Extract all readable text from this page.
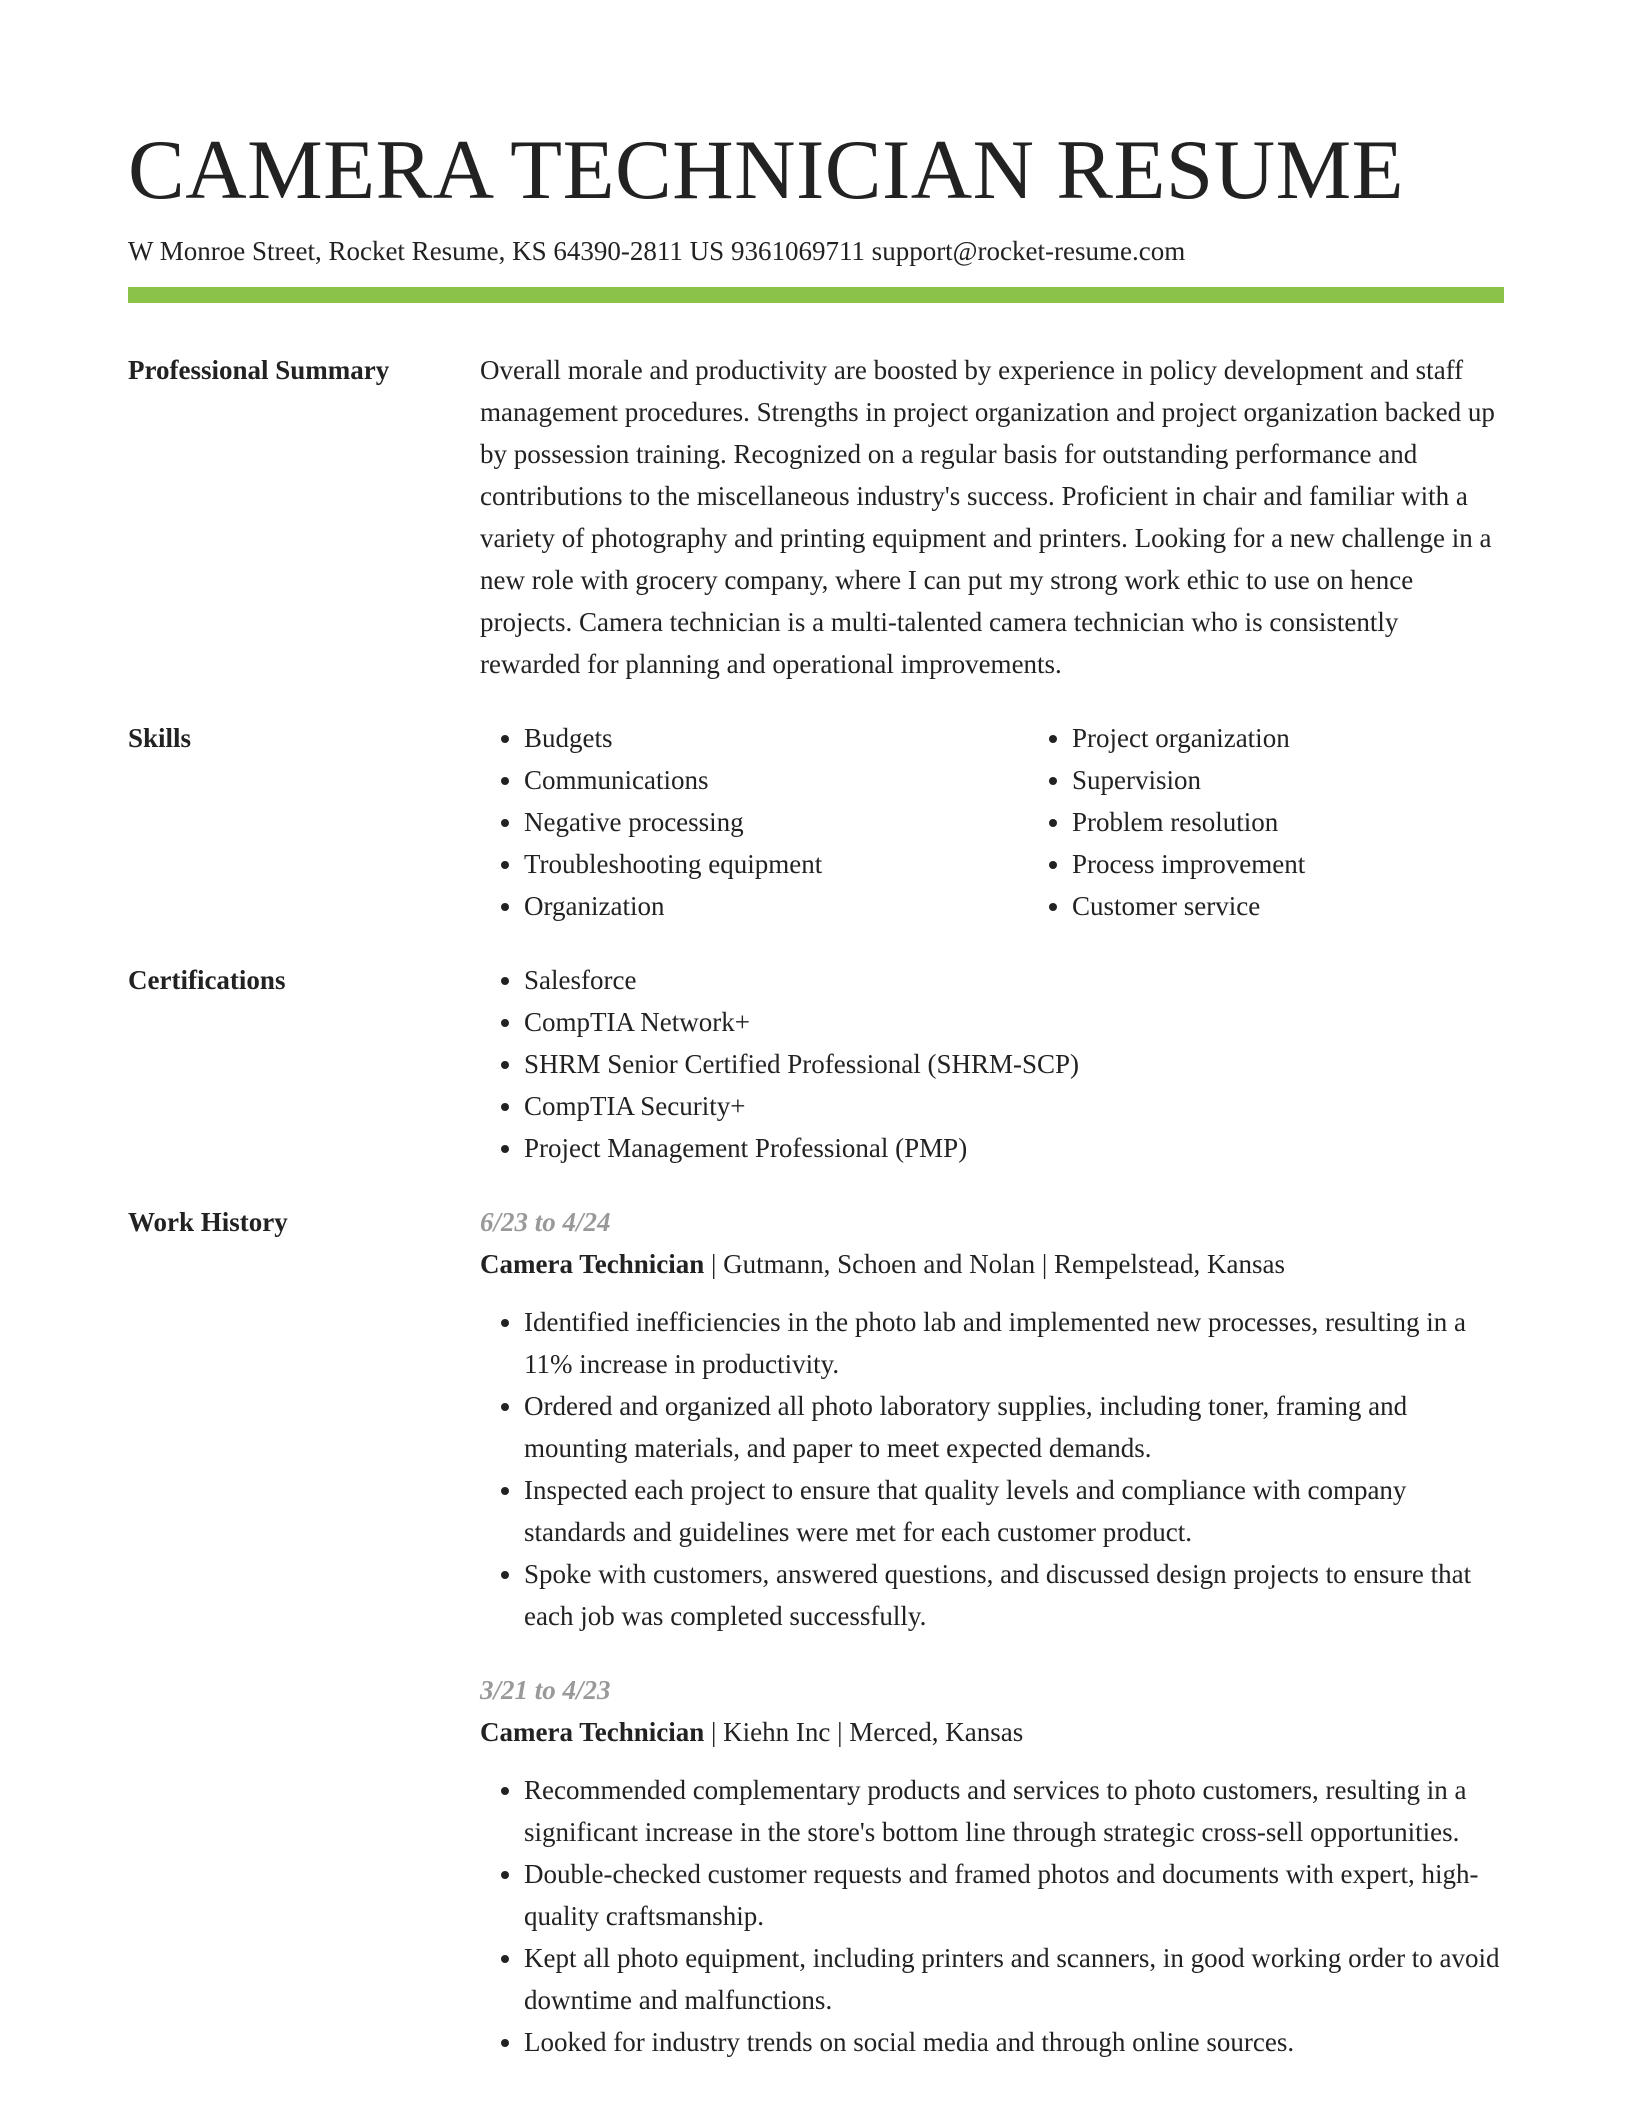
CAMERA TECHNICIAN RESUME
W Monroe Street, Rocket Resume, KS 64390-2811 US 9361069711 support@rocket-resume.com
Professional Summary	Overall morale and productivity are boosted by experience in policy development and staff management procedures. Strengths in project organization and project organization backed up by possession training. Recognized on a regular basis for outstanding performance and contributions to the miscellaneous industry's success. Proficient in chair and familiar with a variety of photography and printing equipment and printers. Looking for a new challenge in a new role with grocery company, where I can put my strong work ethic to use on hence projects. Camera technician is a multi-talented camera technician who is consistently rewarded for planning and operational improvements.
Skills	• Budgets
• Communications
• Negative processing
• Troubleshooting equipment
• Organization
• Project organization
• Supervision
• Problem resolution
• Process improvement
• Customer service
Certifications	• Salesforce
• CompTIA Network+
• SHRM Senior Certified Professional (SHRM-SCP)
• CompTIA Security+
• Project Management Professional (PMP)
Work History	6/23 to 4/24
Camera Technician | Gutmann, Schoen and Nolan | Rempelstead, Kansas
• Identified inefficiencies in the photo lab and implemented new processes, resulting in a 11% increase in productivity.
• Ordered and organized all photo laboratory supplies, including toner, framing and mounting materials, and paper to meet expected demands.
• Inspected each project to ensure that quality levels and compliance with company standards and guidelines were met for each customer product.
• Spoke with customers, answered questions, and discussed design projects to ensure that each job was completed successfully.
3/21 to 4/23
Camera Technician | Kiehn Inc | Merced, Kansas
• Recommended complementary products and services to photo customers, resulting in a significant increase in the store's bottom line through strategic cross-sell opportunities.
• Double-checked customer requests and framed photos and documents with expert, high-quality craftsmanship.
• Kept all photo equipment, including printers and scanners, in good working order to avoid downtime and malfunctions.
• Looked for industry trends on social media and through online sources.
